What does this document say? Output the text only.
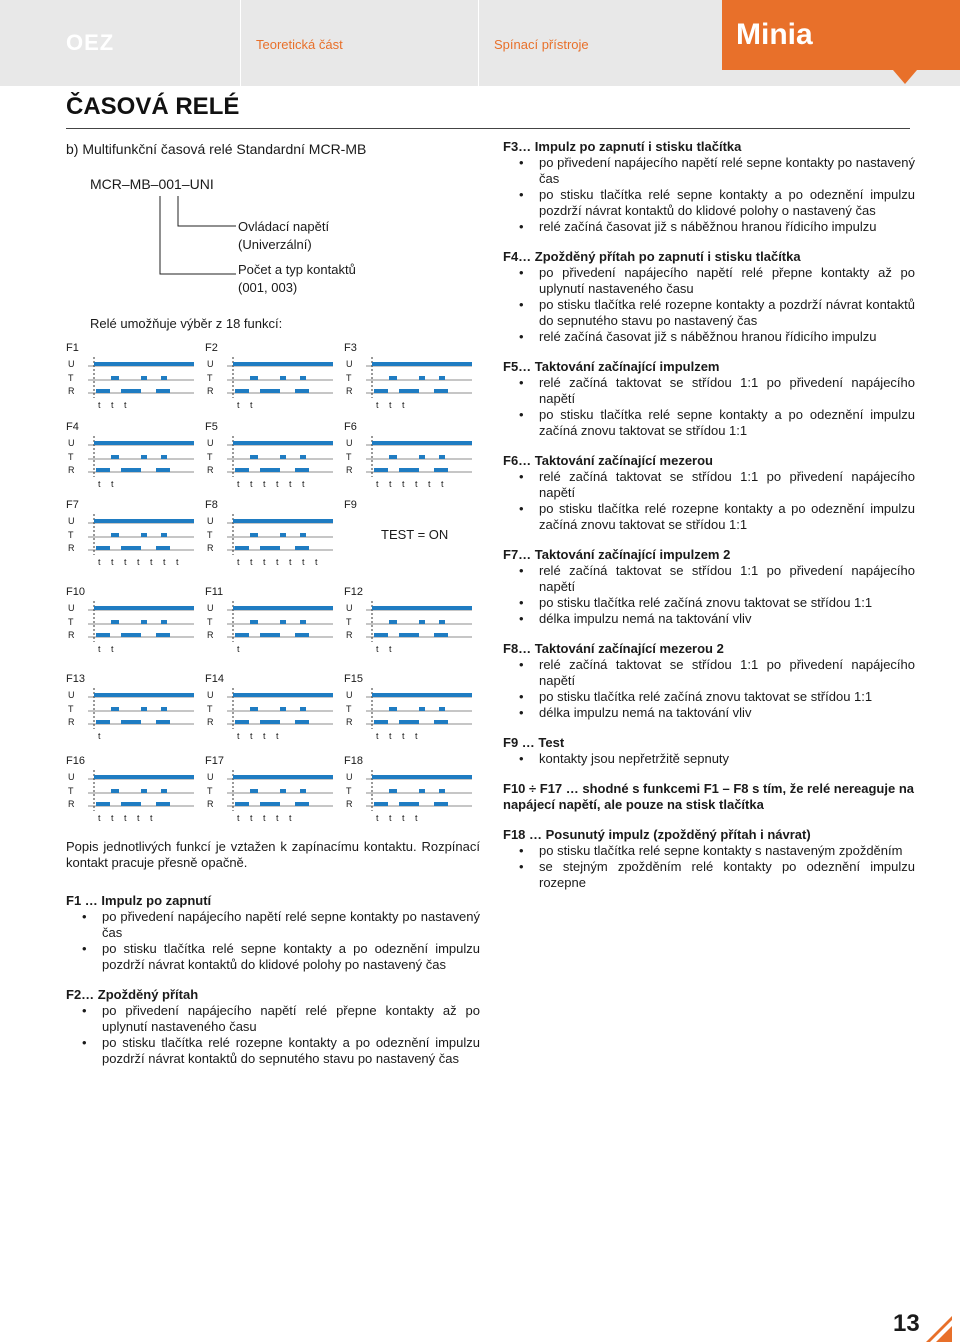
OEZ	Teoretická část	Spínací přístroje	Minia
ČASOVÁ RELÉ
b) Multifunkční časová relé Standardní MCR-MB
MCR–MB–001–UNI
Ovládací napětí
(Univerzální)
Počet a typ kontaktů
(001, 003)
Relé umožňuje výběr z 18 funkcí:
F1
U
T
R
t t t
F2
U
T
R
t t
F3
U
T
R
t t t
F4
U
T
R
t t
F5
U
T
R
t t t t t t
F6
U
T
R
t t t t t t
F7
U
T
R
t t t t t t t
F8
U
T
R
t t t t t t t
F9
F10
U
T
R
t t
F11
U
T
R
t
F12
U
T
R
t t
F13
U
T
R
t
F14
U
T
R
t t t t
F15
U
T
R
t t t t
F16
U
T
R
t t t t t
F17
U
T
R
t t t t t
F18
U
T
R
t t t t
TEST = ON
Popis jednotlivých funkcí je vztažen k zapínacímu kontaktu. Rozpínací kontakt pracuje přesně opačně.
F1 … Impulz po zapnutí
• po přivedení napájecího napětí relé sepne kontakty po nastavený čas
• po stisku tlačítka relé sepne kontakty a po odeznění impulzu pozdrží návrat kontaktů do klidové polohy po nastavený čas
F2… Zpožděný přítah
• po přivedení napájecího napětí relé přepne kontakty až po uplynutí nastaveného času
• po stisku tlačítka relé rozepne kontakty a po odeznění impulzu pozdrží návrat kontaktů do sepnutého stavu po nastavený čas
F3… Impulz po zapnutí i stisku tlačítka
• po přivedení napájecího napětí relé sepne kontakty po nastavený čas
• po stisku tlačítka relé sepne kontakty a po odeznění impulzu pozdrží návrat kontaktů do klidové polohy o nastavený čas
• relé začíná časovat již s náběžnou hranou řídicího impulzu
F4… Zpožděný přítah po zapnutí i stisku tlačítka
• po přivedení napájecího napětí relé přepne kontakty až po uplynutí nastaveného času
• po stisku tlačítka relé rozepne kontakty a pozdrží návrat kontaktů do sepnutého stavu po nastavený čas
• relé začíná časovat již s náběžnou hranou řídicího impulzu
F5… Taktování začínající impulzem
• relé začíná taktovat se střídou 1:1 po přivedení napájecího napětí
• po stisku tlačítka relé sepne kontakty a po odeznění impulzu začíná znovu taktovat se střídou 1:1
F6… Taktování začínající mezerou
• relé začíná taktovat se střídou 1:1 po přivedení napájecího napětí
• po stisku tlačítka relé rozepne kontakty a po odeznění impulzu začíná znovu taktovat se střídou 1:1
F7… Taktování začínající impulzem 2
• relé začíná taktovat se střídou 1:1 po přivedení napájecího napětí
• po stisku tlačítka relé začíná znovu taktovat se střídou 1:1
• délka impulzu nemá na taktování vliv
F8… Taktování začínající mezerou 2
• relé začíná taktovat se střídou 1:1 po přivedení napájecího napětí
• po stisku tlačítka relé začíná znovu taktovat se střídou 1:1
• délka impulzu nemá na taktování vliv
F9 … Test
• kontakty jsou nepřetržitě sepnuty
F10 ÷ F17 … shodné s funkcemi F1 – F8 s tím, že relé nereaguje na napájecí napětí, ale pouze na stisk tlačítka
F18 … Posunutý impulz (zpožděný přítah i návrat)
• po stisku tlačítka relé sepne kontakty s nastaveným zpožděním
• se stejným zpožděním relé kontakty po odeznění impulzu rozepne
13
